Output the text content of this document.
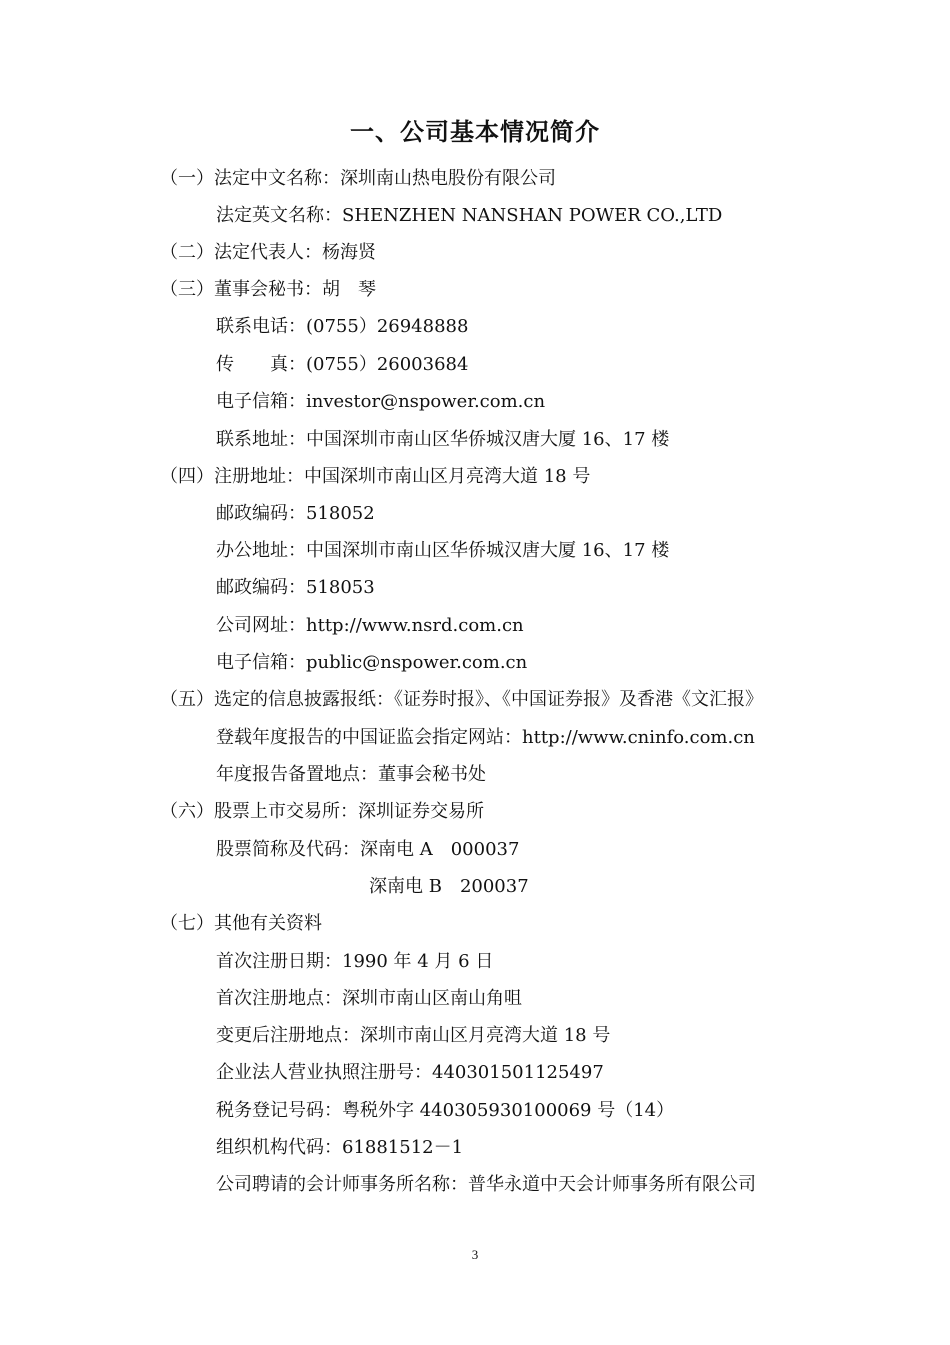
一、公司基本情况简介
（一）法定中文名称：深圳南山热电股份有限公司
法定英文名称：SHENZHEN NANSHAN POWER CO.,LTD
（二）法定代表人：杨海贤
（三）董事会秘书：胡　琴
联系电话：(0755）26948888
传　　真：(0755）26003684
电子信箱：investor@nspower.com.cn
联系地址：中国深圳市南山区华侨城汉唐大厦 16、17 楼
（四）注册地址：中国深圳市南山区月亮湾大道 18 号
邮政编码：518052
办公地址：中国深圳市南山区华侨城汉唐大厦 16、17 楼
邮政编码：518053
公司网址：http://www.nsrd.com.cn
电子信箱：public@nspower.com.cn
（五）选定的信息披露报纸：《证券时报》、《中国证券报》及香港《文汇报》
登载年度报告的中国证监会指定网站：http://www.cninfo.com.cn
年度报告备置地点：董事会秘书处
（六）股票上市交易所：深圳证券交易所
股票简称及代码：深南电 A　000037
深南电 B　200037
（七）其他有关资料
首次注册日期：1990 年 4 月 6 日
首次注册地点：深圳市南山区南山角咀
变更后注册地点：深圳市南山区月亮湾大道 18 号
企业法人营业执照注册号：440301501125497
税务登记号码：粤税外字 440305930100069 号（14）
组织机构代码：61881512－1
公司聘请的会计师事务所名称：普华永道中天会计师事务所有限公司
3
